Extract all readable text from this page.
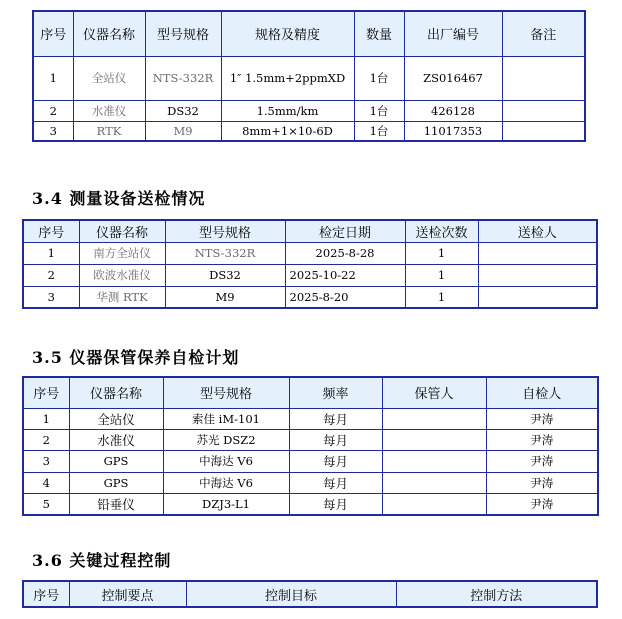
序号	仪器名称	型号规格	规格及精度	数量	出厂编号	备注
1	全站仪	NTS-332R	1″ 1.5mm+2ppmXD	1台	ZS016467	
2	水准仪	DS32	1.5mm/km	1台	426128	
3	RTK	M9	8mm+1×10-6D	1台	11017353	
3.4 测量设备送检情况
序号	仪器名称	型号规格	检定日期	送检次数	送检人
1	南方全站仪	NTS-332R	2025-8-28	1	
2	欧波水准仪	DS32	2025-10-22	1	
3	华测 RTK	M9	2025-8-20	1	
3.5 仪器保管保养自检计划
序号	仪器名称	型号规格	频率	保管人	自检人
1	全站仪	索佳 iM-101	每月		尹涛
2	水准仪	苏光 DSZ2	每月		尹涛
3	GPS	中海达 V6	每月		尹涛
4	GPS	中海达 V6	每月		尹涛
5	铅垂仪	DZJ3-L1	每月		尹涛
3.6 关键过程控制
序号	控制要点	控制目标	控制方法
